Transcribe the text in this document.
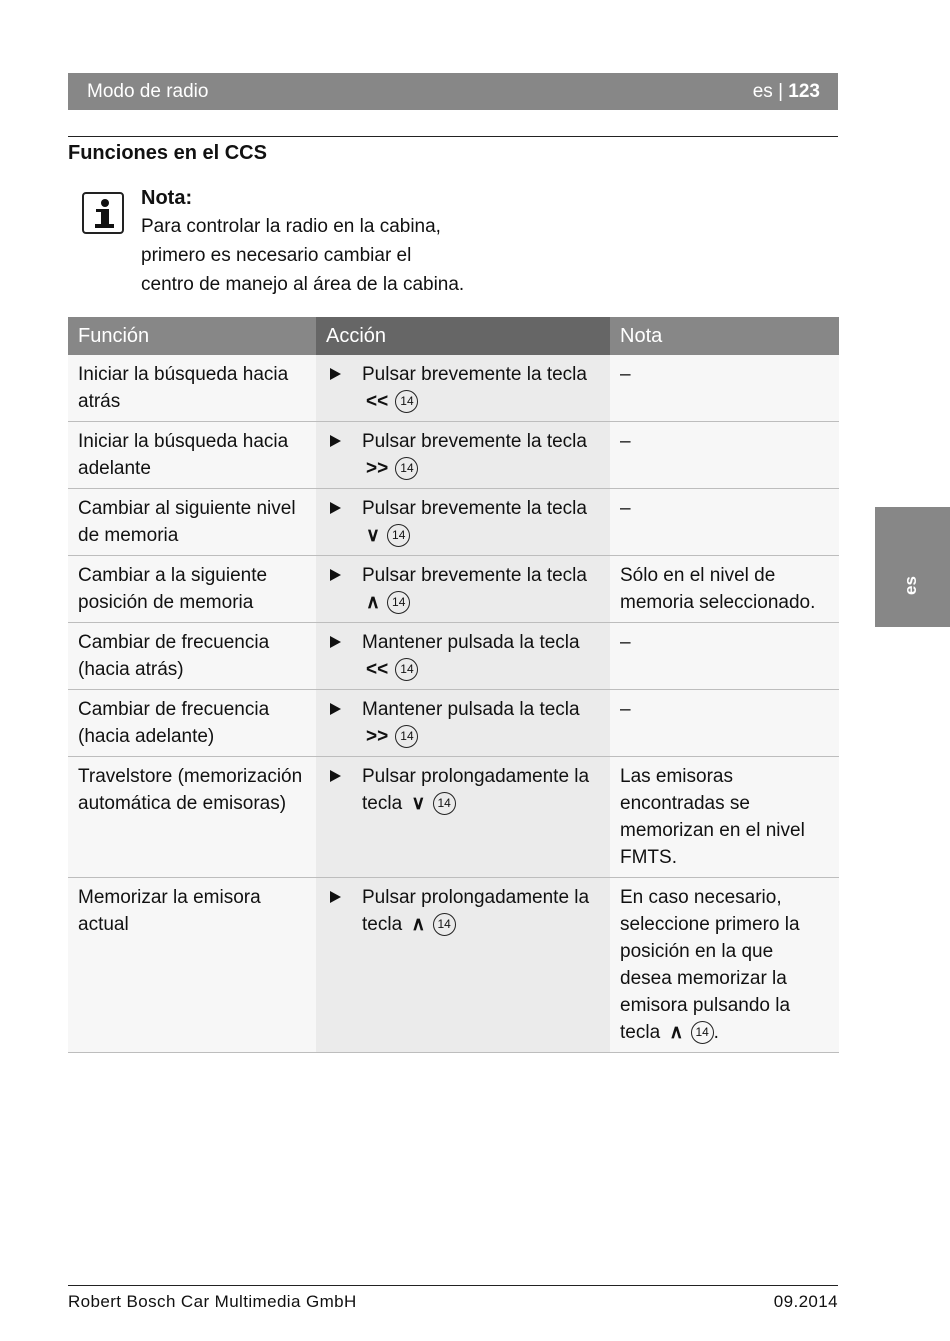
Modo de radio	es | 123
Funciones en el CCS
Nota:
Para controlar la radio en la cabina,
primero es necesario cambiar el
centro de manejo al área de la cabina.
Función	Acción	Nota
Iniciar la búsqueda hacia atrás	Pulsar brevemente la tecla << 14	–
Iniciar la búsqueda hacia adelante	Pulsar brevemente la tecla >> 14	–
Cambiar al siguiente nivel de memoria	Pulsar brevemente la tecla ∨ 14	–
Cambiar a la siguiente posición de memoria	Pulsar brevemente la tecla ∧ 14	Sólo en el nivel de memoria seleccionado.
Cambiar de frecuencia (hacia atrás)	Mantener pulsada la tecla << 14	–
Cambiar de frecuencia (hacia adelante)	Mantener pulsada la tecla >> 14	–
Travelstore (memorización automática de emisoras)	Pulsar prolongadamente la tecla ∨ 14	Las emisoras encontradas se memorizan en el nivel FMTS.
Memorizar la emisora actual	Pulsar prolongadamente la tecla ∧ 14	En caso necesario, seleccione primero la posición en la que desea memorizar la emisora pulsando la tecla ∧ 14 .
es
Robert Bosch Car Multimedia GmbH	09.2014
